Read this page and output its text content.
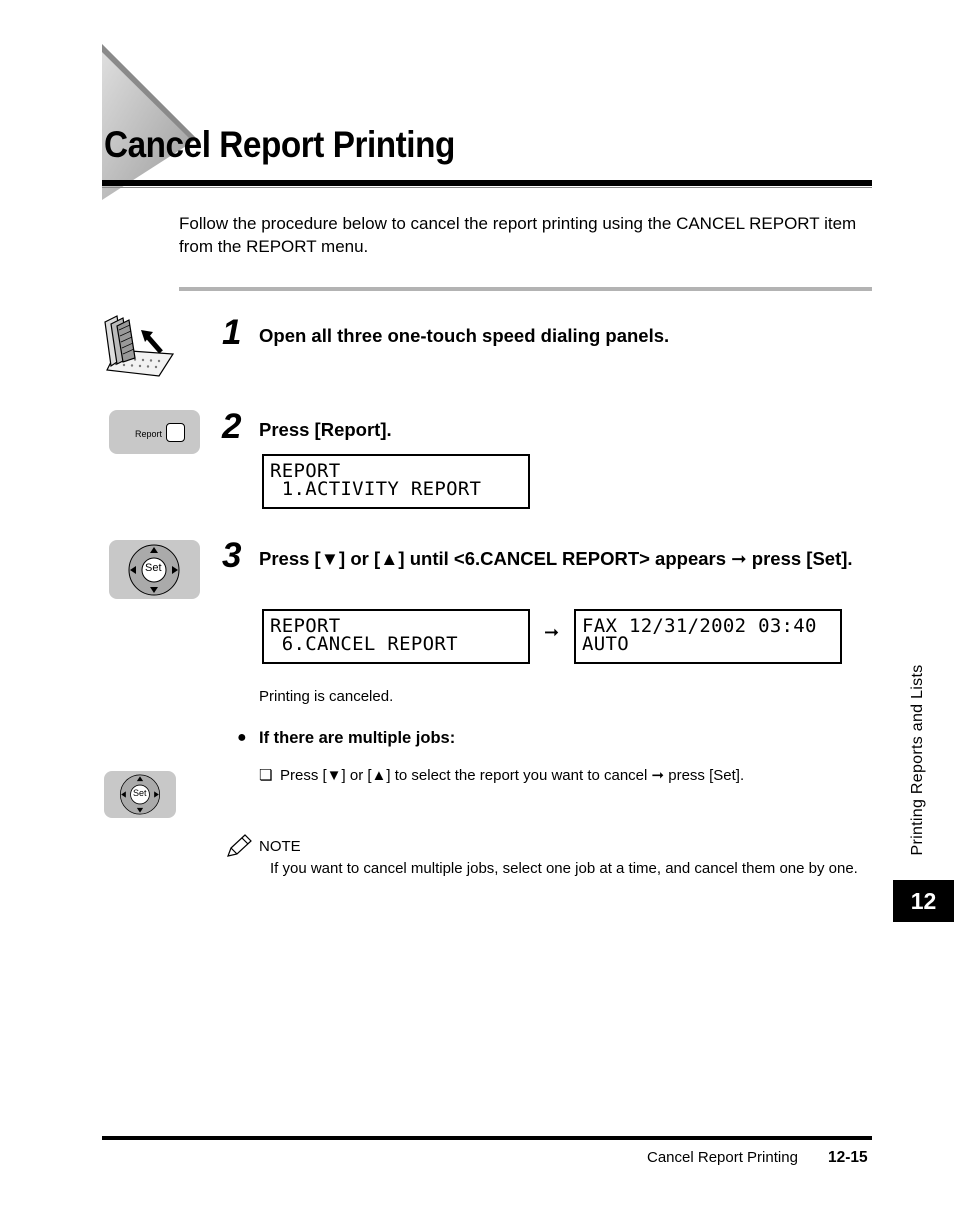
Cancel Report Printing
Follow the procedure below to cancel the report printing using the CANCEL REPORT item from the REPORT menu.
1 Open all three one-touch speed dialing panels.
Report 2 Press [Report].
REPORT
1.ACTIVITY REPORT
Set 3 Press [▼] or [▲] until <6.CANCEL REPORT> appears ➞ press [Set].
REPORT
6.CANCEL REPORT
➞ FAX 12/31/2002 03:40
AUTO
Printing is canceled.
● If there are multiple jobs:
Set
❏ Press [▼] or [▲] to select the report you want to cancel ➞ press [Set].
NOTE
If you want to cancel multiple jobs, select one job at a time, and cancel them one by one.
Printing Reports and Lists
12
Cancel Report Printing 12-15
